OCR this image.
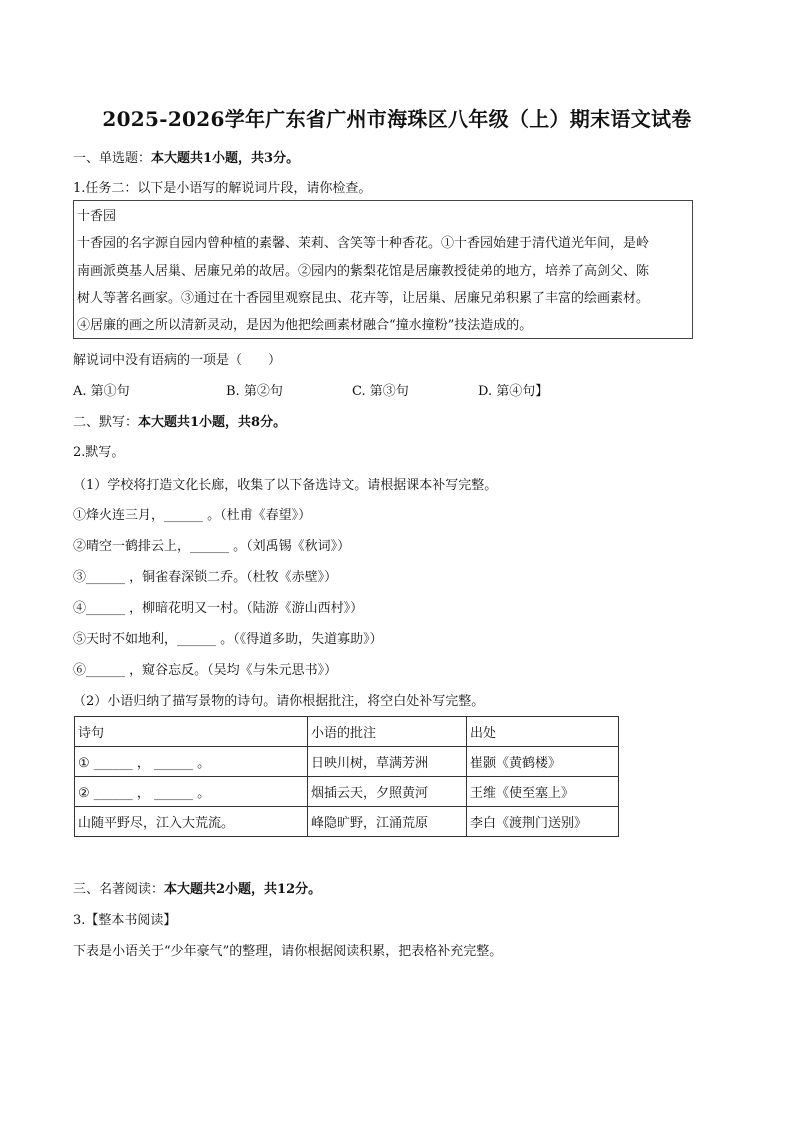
2025-2026学年广东省广州市海珠区八年级（上）期末语文试卷
一、单选题：本大题共1小题，共3分。
1.任务二：以下是小语写的解说词片段，请你检查。
十香园
十香园的名字源自园内曾种植的素馨、茉莉、含笑等十种香花。①十香园始建于清代道光年间，是岭
南画派奠基人居巢、居廉兄弟的故居。②园内的紫梨花馆是居廉教授徒弟的地方，培养了高剑父、陈
树人等著名画家。③通过在十香园里观察昆虫、花卉等，让居巢、居廉兄弟积累了丰富的绘画素材。
④居廉的画之所以清新灵动，是因为他把绘画素材融合“撞水撞粉”技法造成的。
解说词中没有语病的一项是（　　）
A. 第①句	B. 第②句	C. 第③句	D. 第④句】
二、默写：本大题共1小题，共8分。
2.默写。
（1）学校将打造文化长廊，收集了以下备选诗文。请根据课本补写完整。
①烽火连三月，______ 。（杜甫《春望》）
②晴空一鹤排云上，______ 。（刘禹锡《秋词》）
③______ ，铜雀春深锁二乔。（杜牧《赤壁》）
④______ ，柳暗花明又一村。（陆游《游山西村》）
⑤天时不如地利，______ 。（《得道多助，失道寡助》）
⑥______ ，窥谷忘反。（吴均《与朱元思书》）
（2）小语归纳了描写景物的诗句。请你根据批注，将空白处补写完整。
诗句	小语的批注	出处
① ______ ， ______ 。	日映川树，草满芳洲	崔颢《黄鹤楼》
② ______ ， ______ 。	烟插云天，夕照黄河	王维《使至塞上》
山随平野尽，江入大荒流。	峰隐旷野，江涌荒原	李白《渡荆门送别》
三、名著阅读：本大题共2小题，共12分。
3.【整本书阅读】
下表是小语关于“少年豪气”的整理，请你根据阅读积累，把表格补充完整。
